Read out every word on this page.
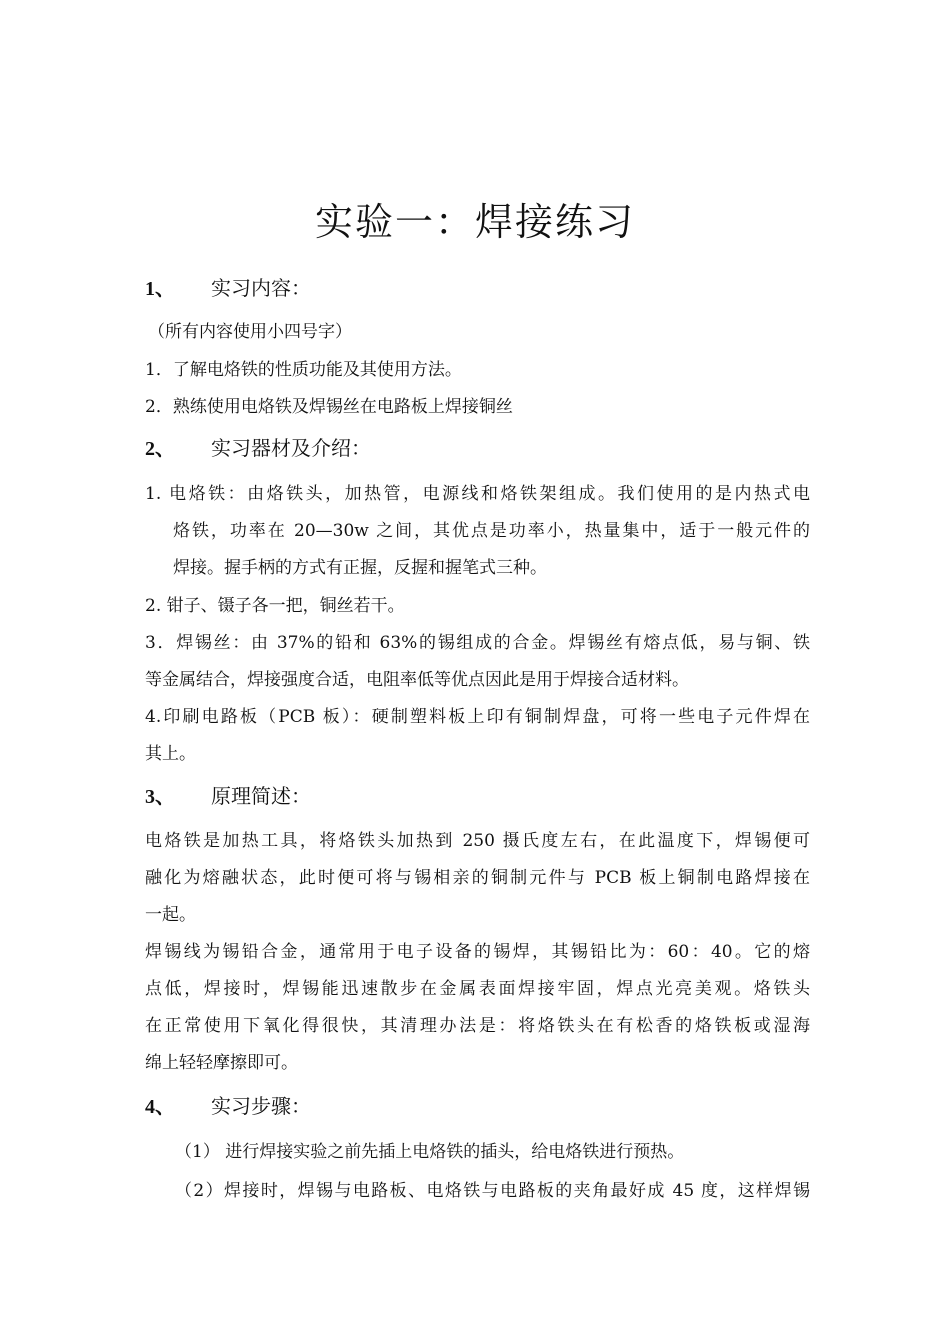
实验一：焊接练习
1、 实习内容：
（所有内容使用小四号字）
1．了解电烙铁的性质功能及其使用方法。
2．熟练使用电烙铁及焊锡丝在电路板上焊接铜丝
2、 实习器材及介绍：
1. 电烙铁：由烙铁头，加热管，电源线和烙铁架组成。我们使用的是内热式电
烙铁，功率在 20—30w 之间，其优点是功率小，热量集中，适于一般元件的
焊接。握手柄的方式有正握，反握和握笔式三种。
2. 钳子、镊子各一把，铜丝若干。
3．焊锡丝：由 37%的铅和 63%的锡组成的合金。焊锡丝有熔点低，易与铜、铁
等金属结合，焊接强度合适，电阻率低等优点因此是用于焊接合适材料。
4.印刷电路板（PCB 板）：硬制塑料板上印有铜制焊盘，可将一些电子元件焊在
其上。
3、 原理简述：
电烙铁是加热工具，将烙铁头加热到 250 摄氏度左右，在此温度下，焊锡便可
融化为熔融状态，此时便可将与锡相亲的铜制元件与 PCB 板上铜制电路焊接在
一起。
焊锡线为锡铅合金，通常用于电子设备的锡焊，其锡铅比为：60：40。它的熔
点低，焊接时，焊锡能迅速散步在金属表面焊接牢固，焊点光亮美观。烙铁头
在正常使用下氧化得很快，其清理办法是：将烙铁头在有松香的烙铁板或湿海
绵上轻轻摩擦即可。
4、 实习步骤：
（1） 进行焊接实验之前先插上电烙铁的插头，给电烙铁进行预热。
（2）焊接时，焊锡与电路板、电烙铁与电路板的夹角最好成 45 度，这样焊锡
